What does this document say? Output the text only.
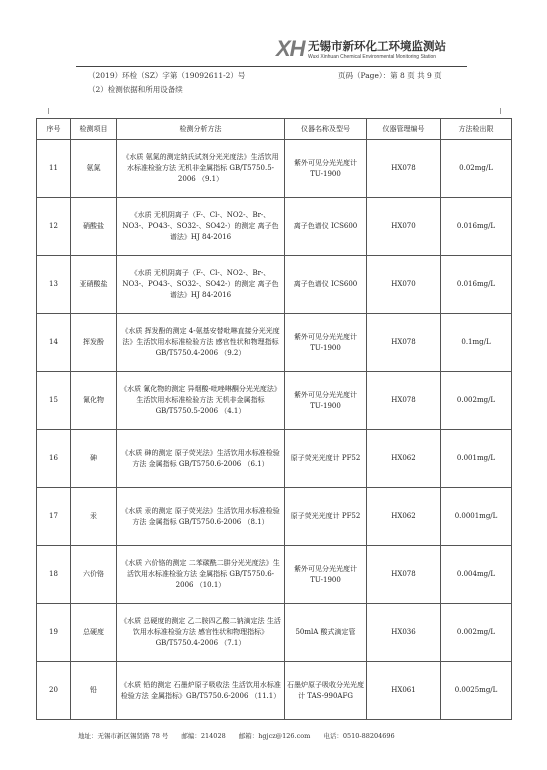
XH 无锡市新环化工环境监测站
Wuxi Xinhuan Chemical Environmental Monitoring Station
（2019）环检（SZ）字第（19092611-2）号	页码（Page）：第 8 页 共 9 页
（2）检测依据和所用设备续
序号	检测项目	检测分析方法	仪器名称及型号	仪器管理编号	方法检出限
11	氨氮	《水质 氨氮的测定纳氏试剂分光光度法》生活饮用水标准检验方法 无机非金属指标 GB/T5750.5-2006 （9.1）	紫外可见分光光度计 TU-1900	HX078	0.02mg/L
12	硝酸盐	《水质 无机阴离子（F-、Cl-、NO2-、Br-、NO3-、PO43-、SO32-、SO42-）的测定 离子色谱法》HJ 84-2016	离子色谱仪 ICS600	HX070	0.016mg/L
13	亚硝酸盐	《水质 无机阴离子（F-、Cl-、NO2-、Br-、NO3-、PO43-、SO32-、SO42-）的测定 离子色谱法》HJ 84-2016	离子色谱仪 ICS600	HX070	0.016mg/L
14	挥发酚	《水质 挥发酚的测定 4-氨基安替吡啉直接分光光度法》生活饮用水标准检验方法 感官性状和物理指标 GB/T5750.4-2006 （9.2）	紫外可见分光光度计 TU-1900	HX078	0.1mg/L
15	氰化物	《水质 氰化物的测定 异烟酸-吡唑啉酮分光光度法》生活饮用水标准检验方法 无机非金属指标 GB/T5750.5-2006 （4.1）	紫外可见分光光度计 TU-1900	HX078	0.002mg/L
16	砷	《水质 砷的测定 原子荧光法》生活饮用水标准检验方法 金属指标 GB/T5750.6-2006 （6.1）	原子荧光光度计 PF52	HX062	0.001mg/L
17	汞	《水质 汞的测定 原子荧光法》生活饮用水标准检验方法 金属指标 GB/T5750.6-2006 （8.1）	原子荧光光度计 PF52	HX062	0.0001mg/L
18	六价铬	《水质 六价铬的测定 二苯碳酰二肼分光光度法》生活饮用水标准检验方法 金属指标 GB/T5750.6-2006 （10.1）	紫外可见分光光度计 TU-1900	HX078	0.004mg/L
19	总硬度	《水质 总硬度的测定 乙二胺四乙酸二钠滴定法 生活饮用水标准检验方法 感官性状和物理指标》GB/T5750.4-2006 （7.1）	50mlA 酸式滴定管	HX036	0.002mg/L
20	铅	《水质 铅的测定 石墨炉原子吸收法 生活饮用水标准检验方法 金属指标》GB/T5750.6-2006 （11.1）	石墨炉原子吸收分光光度计 TAS-990AFG	HX061	0.0025mg/L
地址：无锡市新区锡贤路 78 号　　邮编：214028　　邮箱：hgjcz@126.com　　电话：0510-88204696
